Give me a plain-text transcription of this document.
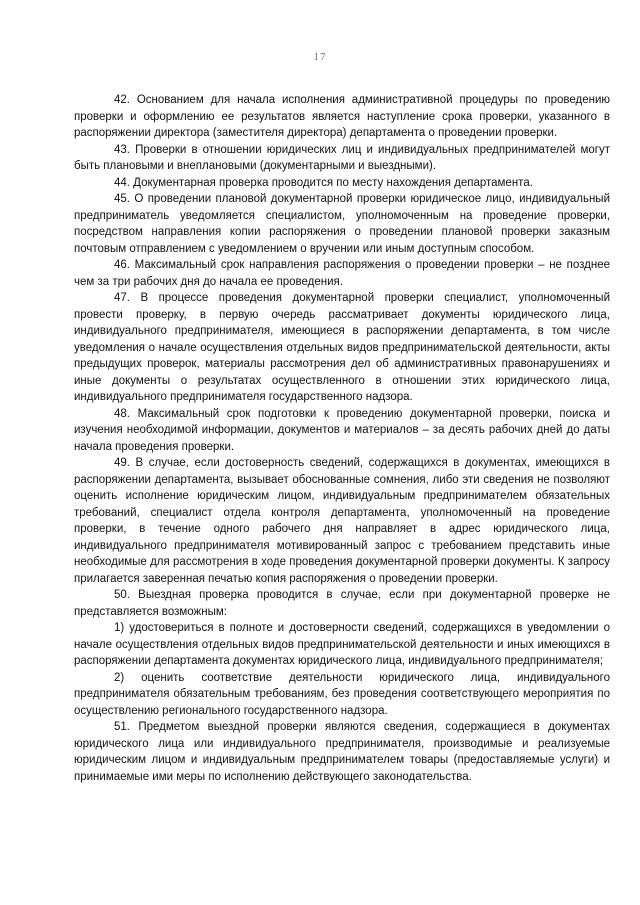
17

42. Основанием для начала исполнения административной процедуры по проведению проверки и оформлению ее результатов является наступление срока проверки, указанного в распоряжении директора (заместителя директора) департамента о проведении проверки.

43. Проверки в отношении юридических лиц и индивидуальных предпринимателей могут быть плановыми и внеплановыми (документарными и выездными).

44. Документарная проверка проводится по месту нахождения департамента.

45. О проведении плановой документарной проверки юридическое лицо, индивидуальный предприниматель уведомляется специалистом, уполномоченным на проведение проверки, посредством направления копии распоряжения о проведении плановой проверки заказным почтовым отправлением с уведомлением о вручении или иным доступным способом.

46. Максимальный срок направления распоряжения о проведении проверки – не позднее чем за три рабочих дня до начала ее проведения.

47. В процессе проведения документарной проверки специалист, уполномоченный провести проверку, в первую очередь рассматривает документы юридического лица, индивидуального предпринимателя, имеющиеся в распоряжении департамента, в том числе уведомления о начале осуществления отдельных видов предпринимательской деятельности, акты предыдущих проверок, материалы рассмотрения дел об административных правонарушениях и иные документы о результатах осуществленного в отношении этих юридического лица, индивидуального предпринимателя государственного надзора.

48. Максимальный срок подготовки к проведению документарной проверки, поиска и изучения необходимой информации, документов и материалов – за десять рабочих дней до даты начала проведения проверки.

49. В случае, если достоверность сведений, содержащихся в документах, имеющихся в распоряжении департамента, вызывает обоснованные сомнения, либо эти сведения не позволяют оценить исполнение юридическим лицом, индивидуальным предпринимателем обязательных требований, специалист отдела контроля департамента, уполномоченный на проведение проверки, в течение одного рабочего дня направляет в адрес юридического лица, индивидуального предпринимателя мотивированный запрос с требованием представить иные необходимые для рассмотрения в ходе проведения документарной проверки документы. К запросу прилагается заверенная печатью копия распоряжения о проведении проверки.

50. Выездная проверка проводится в случае, если при документарной проверке не представляется возможным:

1) удостовериться в полноте и достоверности сведений, содержащихся в уведомлении о начале осуществления отдельных видов предпринимательской деятельности и иных имеющихся в распоряжении департамента документах юридического лица, индивидуального предпринимателя;

2) оценить соответствие деятельности юридического лица, индивидуального предпринимателя обязательным требованиям, без проведения соответствующего мероприятия по осуществлению регионального государственного надзора.

51. Предметом выездной проверки являются сведения, содержащиеся в документах юридического лица или индивидуального предпринимателя, производимые и реализуемые юридическим лицом и индивидуальным предпринимателем товары (предоставляемые услуги) и принимаемые ими меры по исполнению действующего законодательства.
